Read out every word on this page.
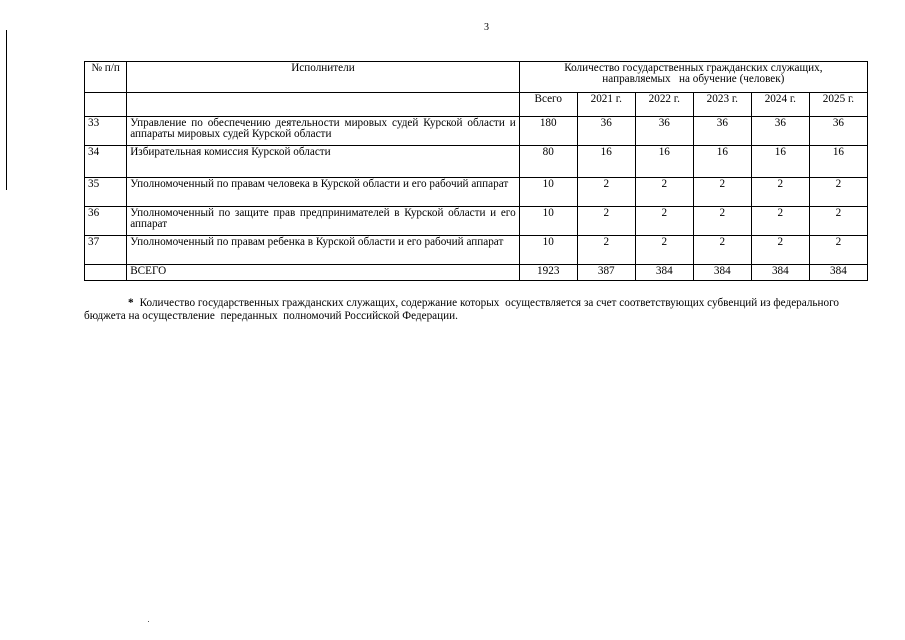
3
№ п/п	Исполнители	Количество государственных гражданских служащих,
направляемых   на обучение (человек)					

		Всего	2021 г.	2022 г.	2023 г.	2024 г.	2025 г.
33	Управление по обеспечению деятельности мировых судей Курской области и аппараты мировых судей Курской области	180	36	36	36	36	36
34	Избирательная комиссия Курской области	80	16	16	16	16	16
35	Уполномоченный по правам человека в Курской области и его рабочий аппарат	10	2	2	2	2	2
36	Уполномоченный по защите прав предпринимателей в Курской области и его аппарат	10	2	2	2	2	2
37	Уполномоченный по правам ребенка в Курской области и его рабочий аппарат	10	2	2	2	2	2
	ВСЕГО	1923	387	384	384	384	384
* Количество государственных гражданских служащих, содержание которых  осуществляется за счет соответствующих субвенций из федерального бюджета на осуществление  переданных  полномочий Российской Федерации.
